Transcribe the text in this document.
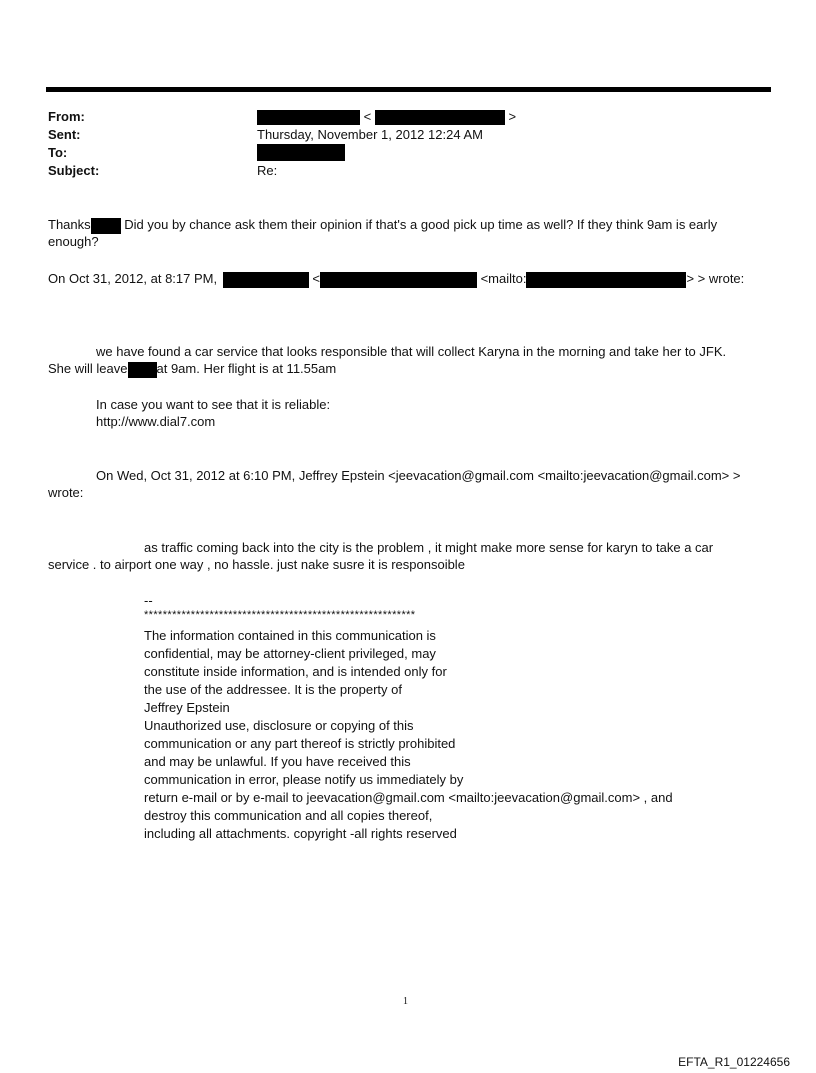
From:	<	>
Sent:	Thursday, November 1, 2012 12:24 AM
To:
Subject:	Re:
Thanks	Did you by chance ask them their opinion if that's a good pick up time as well? If they think 9am is early
enough?
On Oct 31, 2012, at 8:17 PM,	<	<mailto:	> > wrote:
we have found a car service that looks responsible that will collect Karyna in the morning and take her to JFK.
She will leave at 9am. Her flight is at 11.55am
In case you want to see that it is reliable:
http://www.dial7.com
On Wed, Oct 31, 2012 at 6:10 PM, Jeffrey Epstein <jeevacation@gmail.com <mailto:jeevacation@gmail.com> >
wrote:
as traffic coming back into the city is the problem , it might make more sense for karyn to take a car
service . to airport one way , no hassle. just nake susre it is responsoible
--
**********************************************************
The information contained in this communication is
confidential, may be attorney-client privileged, may
constitute inside information, and is intended only for
the use of the addressee. It is the property of
Jeffrey Epstein
Unauthorized use, disclosure or copying of this
communication or any part thereof is strictly prohibited
and may be unlawful. If you have received this
communication in error, please notify us immediately by
return e-mail or by e-mail to jeevacation@gmail.com <mailto:jeevacation@gmail.com> , and
destroy this communication and all copies thereof,
including all attachments. copyright -all rights reserved
1
EFTA_R1_01224656
